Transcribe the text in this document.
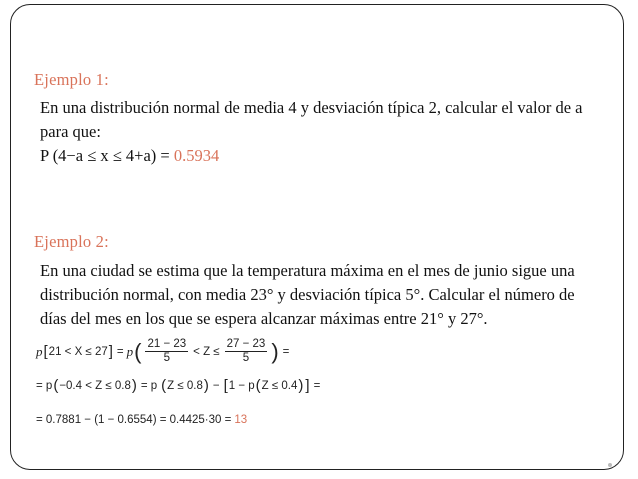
Ejemplo 1:
En una distribución normal de media 4 y desviación típica 2, calcular el valor de a
para que:
P (4−a ≤ x ≤ 4+a) = 0.5934
Ejemplo 2:
En una ciudad se estima que la temperatura máxima en el mes de junio sigue una
distribución normal, con media 23° y desviación típica 5°. Calcular el número de
días del mes en los que se espera alcanzar máximas entre 21° y 27°.
p [ 21 < X ≤ 27 ] = p ( $\frac{21 - 23}{5} < Z \le \frac{27 - 23}{5}$ ) =
= p ( −0.4 < Z ≤ 0.8 ) = p ( Z ≤ 0.8 ) − [ 1 − p ( Z ≤ 0.4 ) ] =
= 0.7881 − (1 − 0.6554) = 0.4425·30 = 13
